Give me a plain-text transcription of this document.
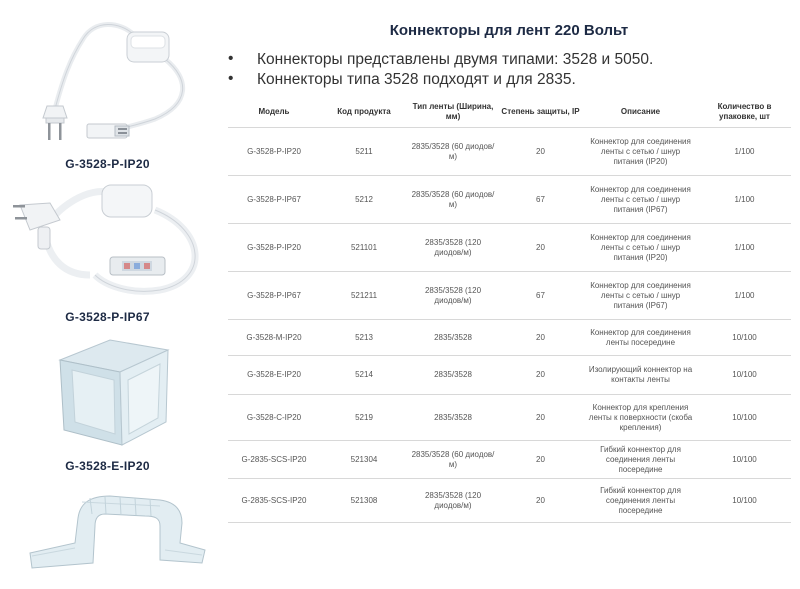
G-3528-P-IP20
G-3528-P-IP67
G-3528-E-IP20
Коннекторы для лент 220 Вольт
• Коннекторы представлены двумя типами: 3528 и 5050.
• Коннекторы типа 3528 подходят и для 2835.
Модель	Код продукта	Тип ленты (Ширина, мм)	Степень защиты, IP	Описание	Количество в упаковке, шт
G-3528-P-IP20	5211	2835/3528 (60 диодов/м)	20	Коннектор для соединения ленты с сетью / шнур питания (IP20)	1/100
G-3528-P-IP67	5212	2835/3528 (60 диодов/м)	67	Коннектор для соединения ленты с сетью / шнур питания (IP67)	1/100
G-3528-P-IP20	521101	2835/3528 (120 диодов/м)	20	Коннектор для соединения ленты с сетью / шнур питания (IP20)	1/100
G-3528-P-IP67	521211	2835/3528 (120 диодов/м)	67	Коннектор для соединения ленты с сетью / шнур питания (IP67)	1/100
G-3528-M-IP20	5213	2835/3528	20	Коннектор для соединения ленты посередине	10/100
G-3528-E-IP20	5214	2835/3528	20	Изолирующий коннектор на контакты ленты	10/100
G-3528-C-IP20	5219	2835/3528	20	Коннектор для крепления ленты к поверхности (скоба крепления)	10/100
G-2835-SCS-IP20	521304	2835/3528 (60 диодов/м)	20	Гибкий коннектор для соединения ленты посередине	10/100
G-2835-SCS-IP20	521308	2835/3528 (120 диодов/м)	20	Гибкий коннектор для соединения ленты посередине	10/100
